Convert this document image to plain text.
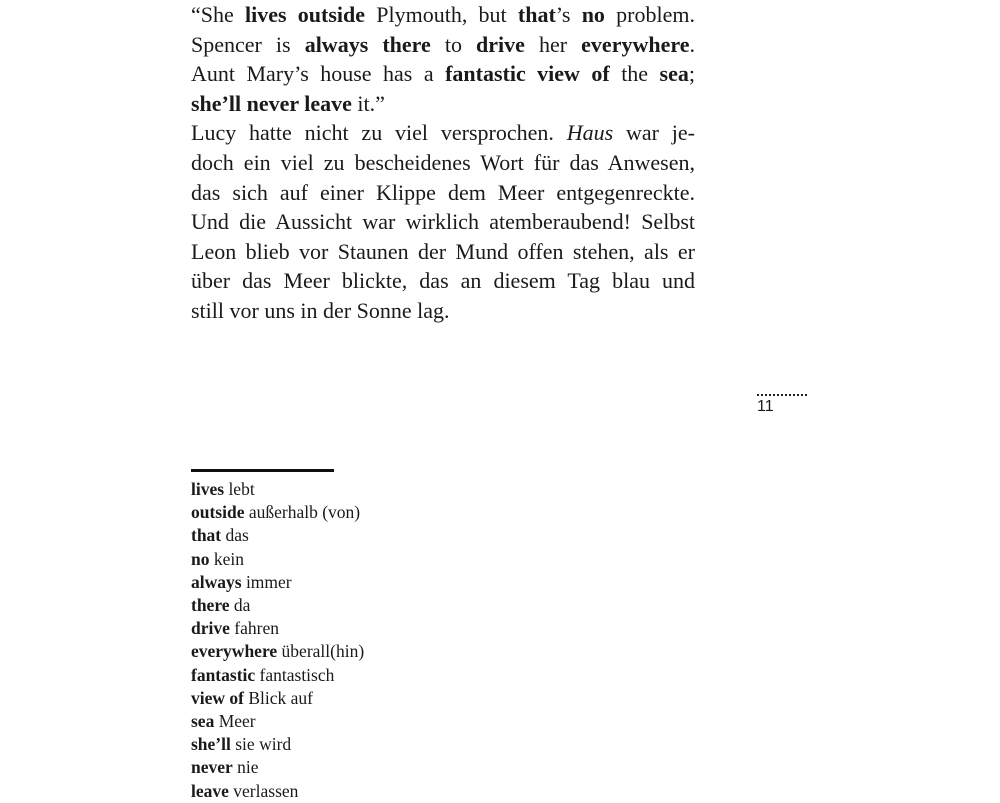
“She lives outside Plymouth, but that’s no problem.
Spencer is always there to drive her everywhere.
Aunt Mary’s house has a fantastic view of the sea;
she’ll never leave it.”
Lucy hatte nicht zu viel versprochen. Haus war je-
doch ein viel zu bescheidenes Wort für das Anwesen,
das sich auf einer Klippe dem Meer entgegenreckte.
Und die Aussicht war wirklich atemberaubend! Selbst
Leon blieb vor Staunen der Mund offen stehen, als er
über das Meer blickte, das an diesem Tag blau und
still vor uns in der Sonne lag.
11
lives lebt
outside außerhalb (von)
that das
no kein
always immer
there da
drive fahren
everywhere überall(hin)
fantastic fantastisch
view of Blick auf
sea Meer
she’ll sie wird
never nie
leave verlassen
